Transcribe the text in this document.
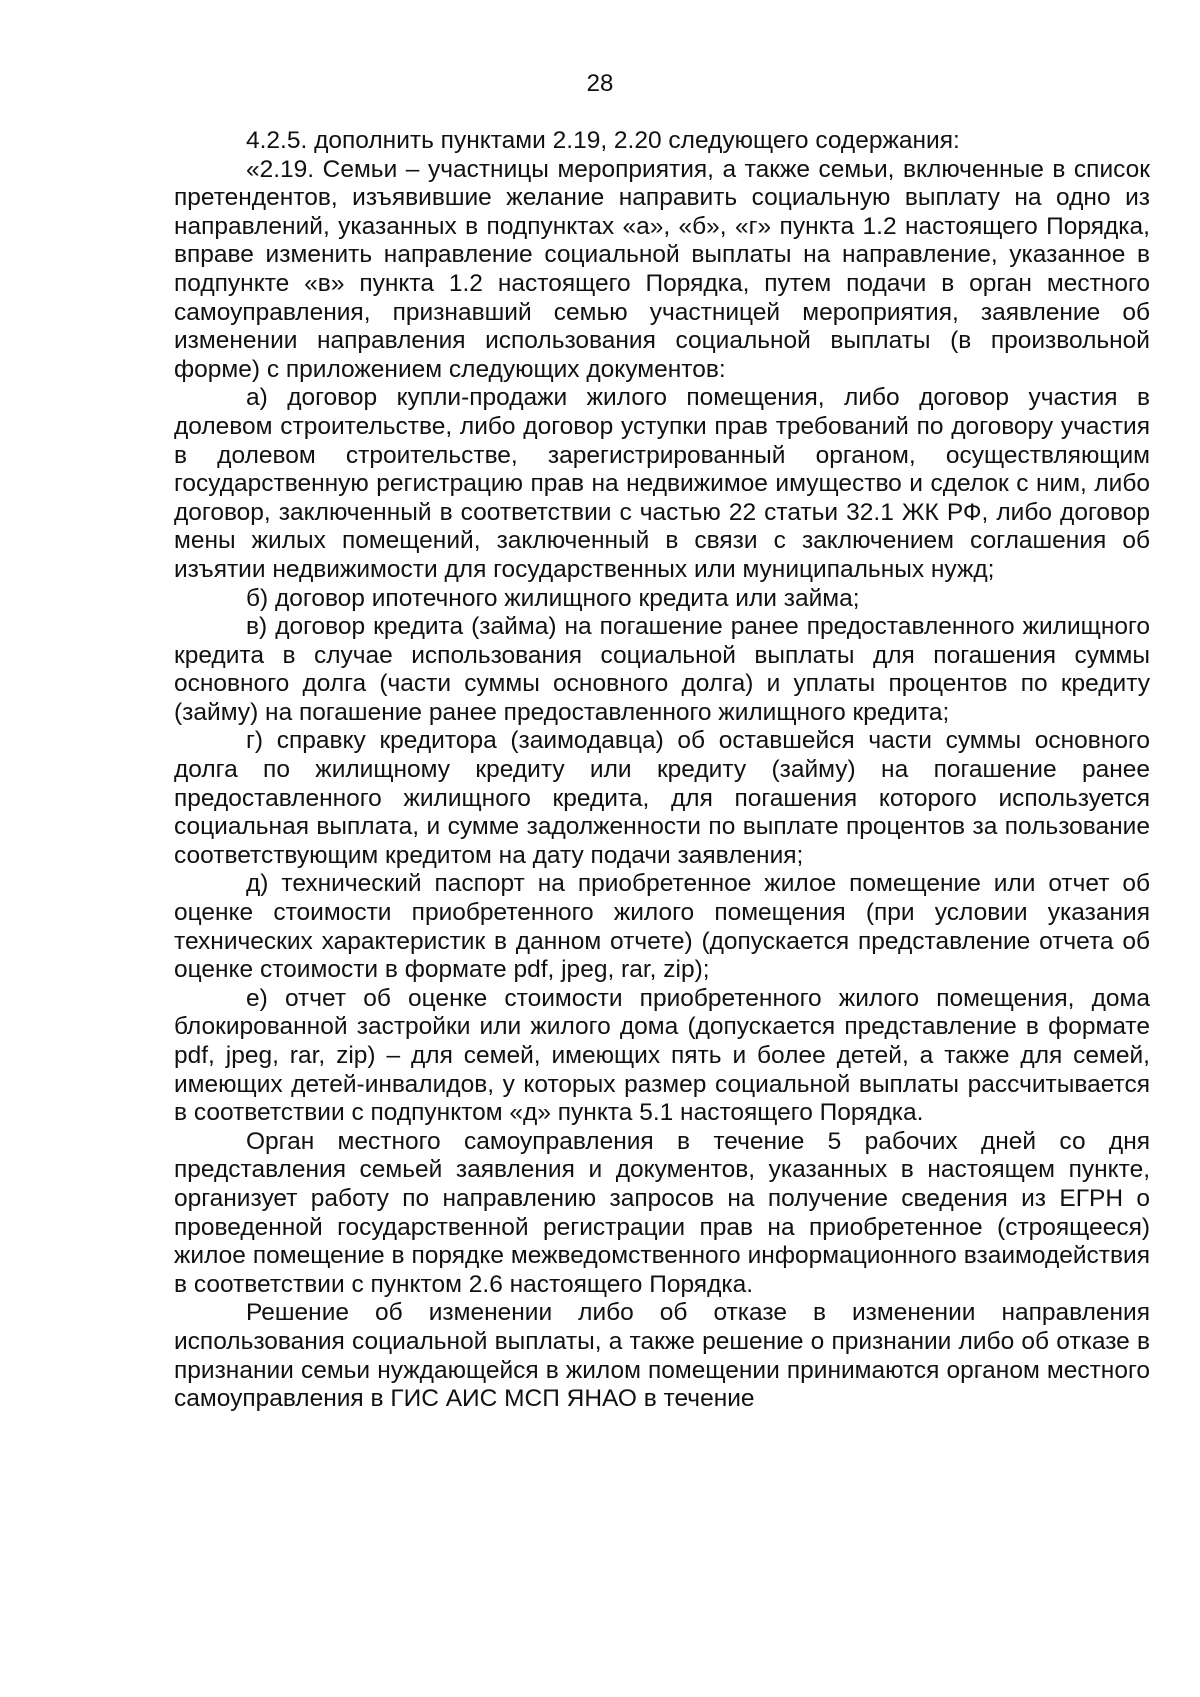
28

4.2.5. дополнить пунктами 2.19, 2.20 следующего содержания:

«2.19. Семьи – участницы мероприятия, а также семьи, включенные в список претендентов, изъявившие желание направить социальную выплату на одно из направлений, указанных в подпунктах «а», «б», «г» пункта 1.2 настоящего Порядка, вправе изменить направление социальной выплаты на направление, указанное в подпункте «в» пункта 1.2 настоящего Порядка, путем подачи в орган местного самоуправления, признавший семью участницей мероприятия, заявление об изменении направления использования социальной выплаты (в произвольной форме) с приложением следующих документов:

а) договор купли-продажи жилого помещения, либо договор участия в долевом строительстве, либо договор уступки прав требований по договору участия в долевом строительстве, зарегистрированный органом, осуществляющим государственную регистрацию прав на недвижимое имущество и сделок с ним, либо договор, заключенный в соответствии с частью 22 статьи 32.1 ЖК РФ, либо договор мены жилых помещений, заключенный в связи с заключением соглашения об изъятии недвижимости для государственных или муниципальных нужд;

б) договор ипотечного жилищного кредита или займа;

в) договор кредита (займа) на погашение ранее предоставленного жилищного кредита в случае использования социальной выплаты для погашения суммы основного долга (части суммы основного долга) и уплаты процентов по кредиту (займу) на погашение ранее предоставленного жилищного кредита;

г) справку кредитора (заимодавца) об оставшейся части суммы основного долга по жилищному кредиту или кредиту (займу) на погашение ранее предоставленного жилищного кредита, для погашения которого используется социальная выплата, и сумме задолженности по выплате процентов за пользование соответствующим кредитом на дату подачи заявления;

д) технический паспорт на приобретенное жилое помещение или отчет об оценке стоимости приобретенного жилого помещения (при условии указания технических характеристик в данном отчете) (допускается представление отчета об оценке стоимости в формате pdf, jpeg, rar, zip);

е) отчет об оценке стоимости приобретенного жилого помещения, дома блокированной застройки или жилого дома (допускается представление в формате pdf, jpeg, rar, zip) – для семей, имеющих пять и более детей, а также для семей, имеющих детей-инвалидов, у которых размер социальной выплаты рассчитывается в соответствии с подпунктом «д» пункта 5.1 настоящего Порядка.

Орган местного самоуправления в течение 5 рабочих дней со дня представления семьей заявления и документов, указанных в настоящем пункте, организует работу по направлению запросов на получение сведения из ЕГРН о проведенной государственной регистрации прав на приобретенное (строящееся) жилое помещение в порядке межведомственного информационного взаимодействия в соответствии с пунктом 2.6 настоящего Порядка.

Решение об изменении либо об отказе в изменении направления использования социальной выплаты, а также решение о признании либо об отказе в признании семьи нуждающейся в жилом помещении принимаются органом местного самоуправления в ГИС АИС МСП ЯНАО в течение
